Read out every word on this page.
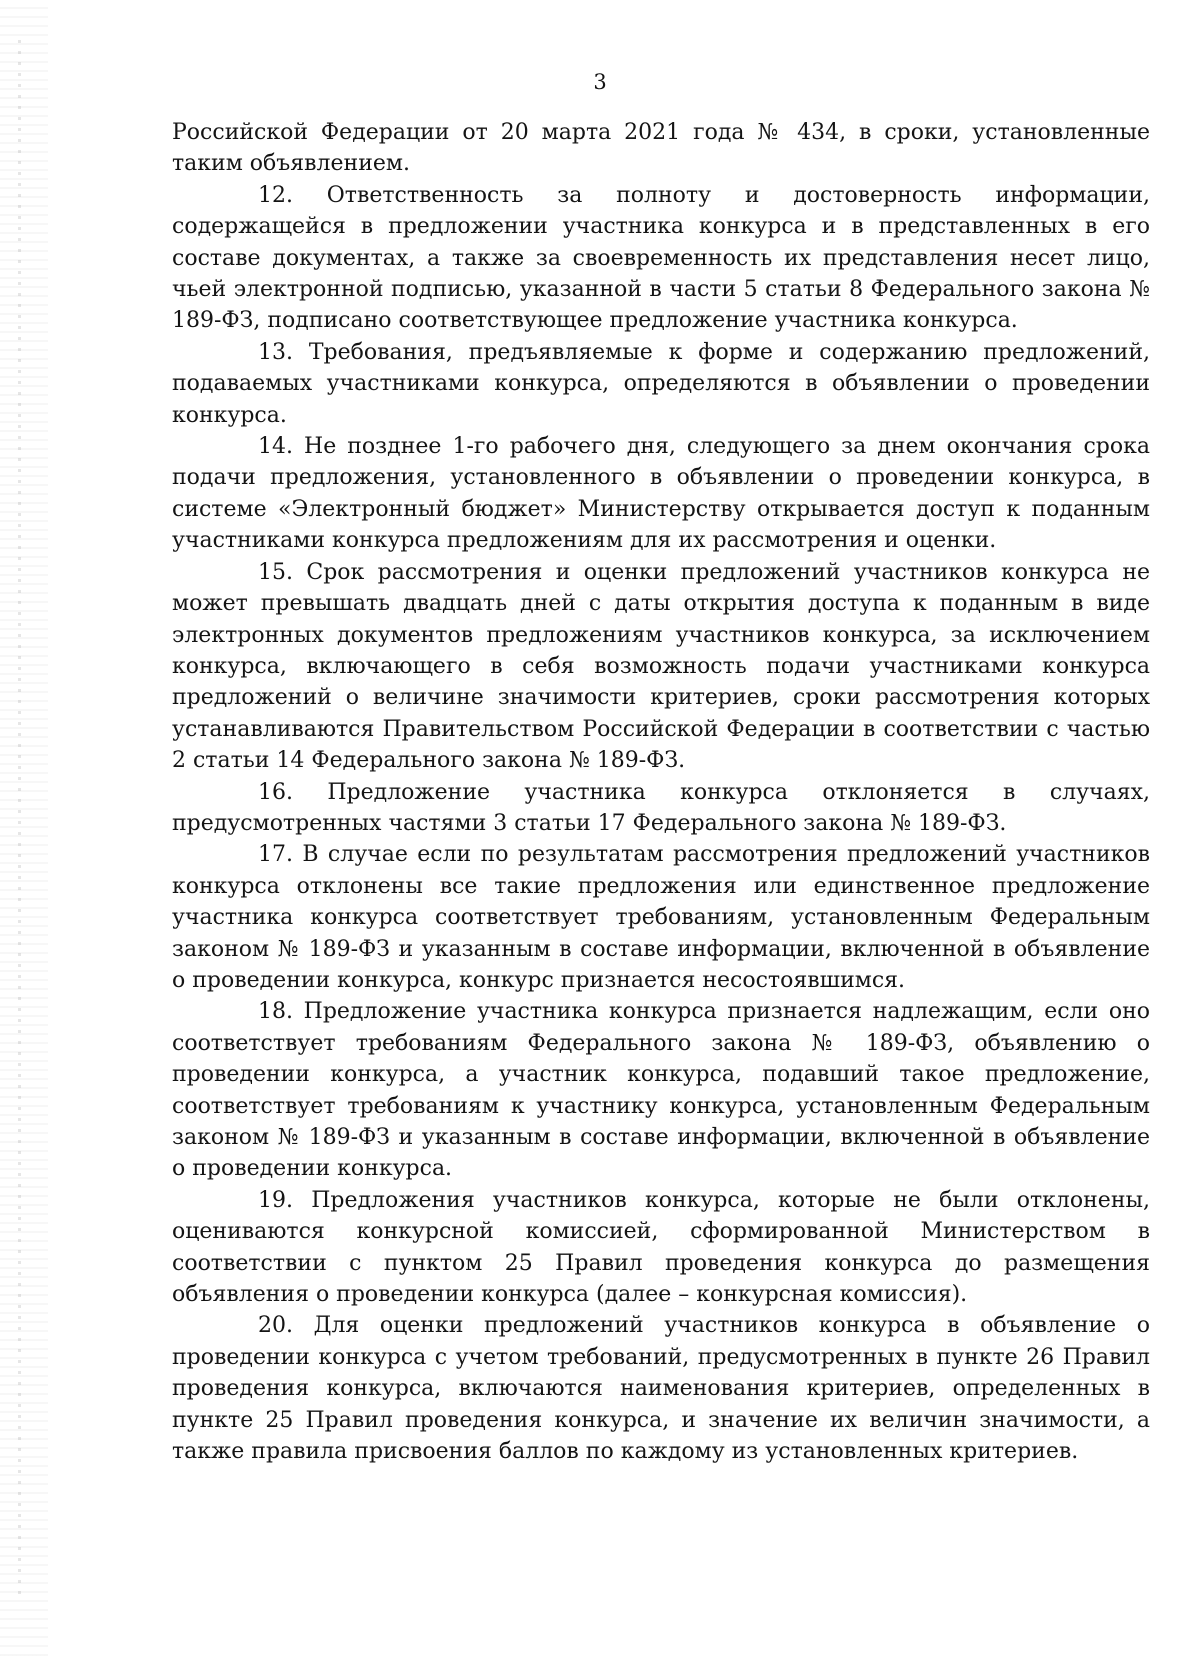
3

Российской Федерации от 20 марта 2021 года № 434, в сроки, установленные таким объявлением.

12. Ответственность за полноту и достоверность информации, содержащейся в предложении участника конкурса и в представленных в его составе документах, а также за своевременность их представления несет лицо, чьей электронной подписью, указанной в части 5 статьи 8 Федерального закона № 189-ФЗ, подписано соответствующее предложение участника конкурса.

13. Требования, предъявляемые к форме и содержанию предложений, подаваемых участниками конкурса, определяются в объявлении о проведении конкурса.

14. Не позднее 1-го рабочего дня, следующего за днем окончания срока подачи предложения, установленного в объявлении о проведении конкурса, в системе «Электронный бюджет» Министерству открывается доступ к поданным участниками конкурса предложениям для их рассмотрения и оценки.

15. Срок рассмотрения и оценки предложений участников конкурса не может превышать двадцать дней с даты открытия доступа к поданным в виде электронных документов предложениям участников конкурса, за исключением конкурса, включающего в себя возможность подачи участниками конкурса предложений о величине значимости критериев, сроки рассмотрения которых устанавливаются Правительством Российской Федерации в соответствии с частью 2 статьи 14 Федерального закона № 189-ФЗ.

16. Предложение участника конкурса отклоняется в случаях, предусмотренных частями 3 статьи 17 Федерального закона № 189-ФЗ.

17. В случае если по результатам рассмотрения предложений участников конкурса отклонены все такие предложения или единственное предложение участника конкурса соответствует требованиям, установленным Федеральным законом № 189-ФЗ и указанным в составе информации, включенной в объявление о проведении конкурса, конкурс признается несостоявшимся.

18. Предложение участника конкурса признается надлежащим, если оно соответствует требованиям Федерального закона № 189-ФЗ, объявлению о проведении конкурса, а участник конкурса, подавший такое предложение, соответствует требованиям к участнику конкурса, установленным Федеральным законом № 189-ФЗ и указанным в составе информации, включенной в объявление о проведении конкурса.

19. Предложения участников конкурса, которые не были отклонены, оцениваются конкурсной комиссией, сформированной Министерством в соответствии с пунктом 25 Правил проведения конкурса до размещения объявления о проведении конкурса (далее – конкурсная комиссия).

20. Для оценки предложений участников конкурса в объявление о проведении конкурса с учетом требований, предусмотренных в пункте 26 Правил проведения конкурса, включаются наименования критериев, определенных в пункте 25 Правил проведения конкурса, и значение их величин значимости, а также правила присвоения баллов по каждому из установленных критериев.
